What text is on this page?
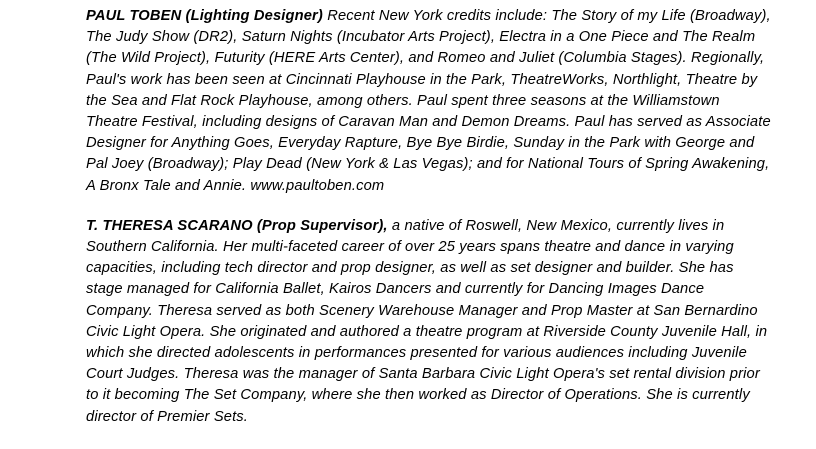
PAUL TOBEN (Lighting Designer) Recent New York credits include: The Story of my Life (Broadway), The Judy Show (DR2), Saturn Nights (Incubator Arts Project), Electra in a One Piece and The Realm (The Wild Project), Futurity (HERE Arts Center), and Romeo and Juliet (Columbia Stages). Regionally, Paul's work has been seen at Cincinnati Playhouse in the Park, TheatreWorks, Northlight, Theatre by the Sea and Flat Rock Playhouse, among others. Paul spent three seasons at the Williamstown Theatre Festival, including designs of Caravan Man and Demon Dreams. Paul has served as Associate Designer for Anything Goes, Everyday Rapture, Bye Bye Birdie, Sunday in the Park with George and Pal Joey (Broadway); Play Dead (New York & Las Vegas); and for National Tours of Spring Awakening, A Bronx Tale and Annie. www.paultoben.com

T. THERESA SCARANO (Prop Supervisor), a native of Roswell, New Mexico, currently lives in Southern California. Her multi-faceted career of over 25 years spans theatre and dance in varying capacities, including tech director and prop designer, as well as set designer and builder. She has stage managed for California Ballet, Kairos Dancers and currently for Dancing Images Dance Company. Theresa served as both Scenery Warehouse Manager and Prop Master at San Bernardino Civic Light Opera. She originated and authored a theatre program at Riverside County Juvenile Hall, in which she directed adolescents in performances presented for various audiences including Juvenile Court Judges. Theresa was the manager of Santa Barbara Civic Light Opera's set rental division prior to it becoming The Set Company, where she then worked as Director of Operations. She is currently director of Premier Sets.
